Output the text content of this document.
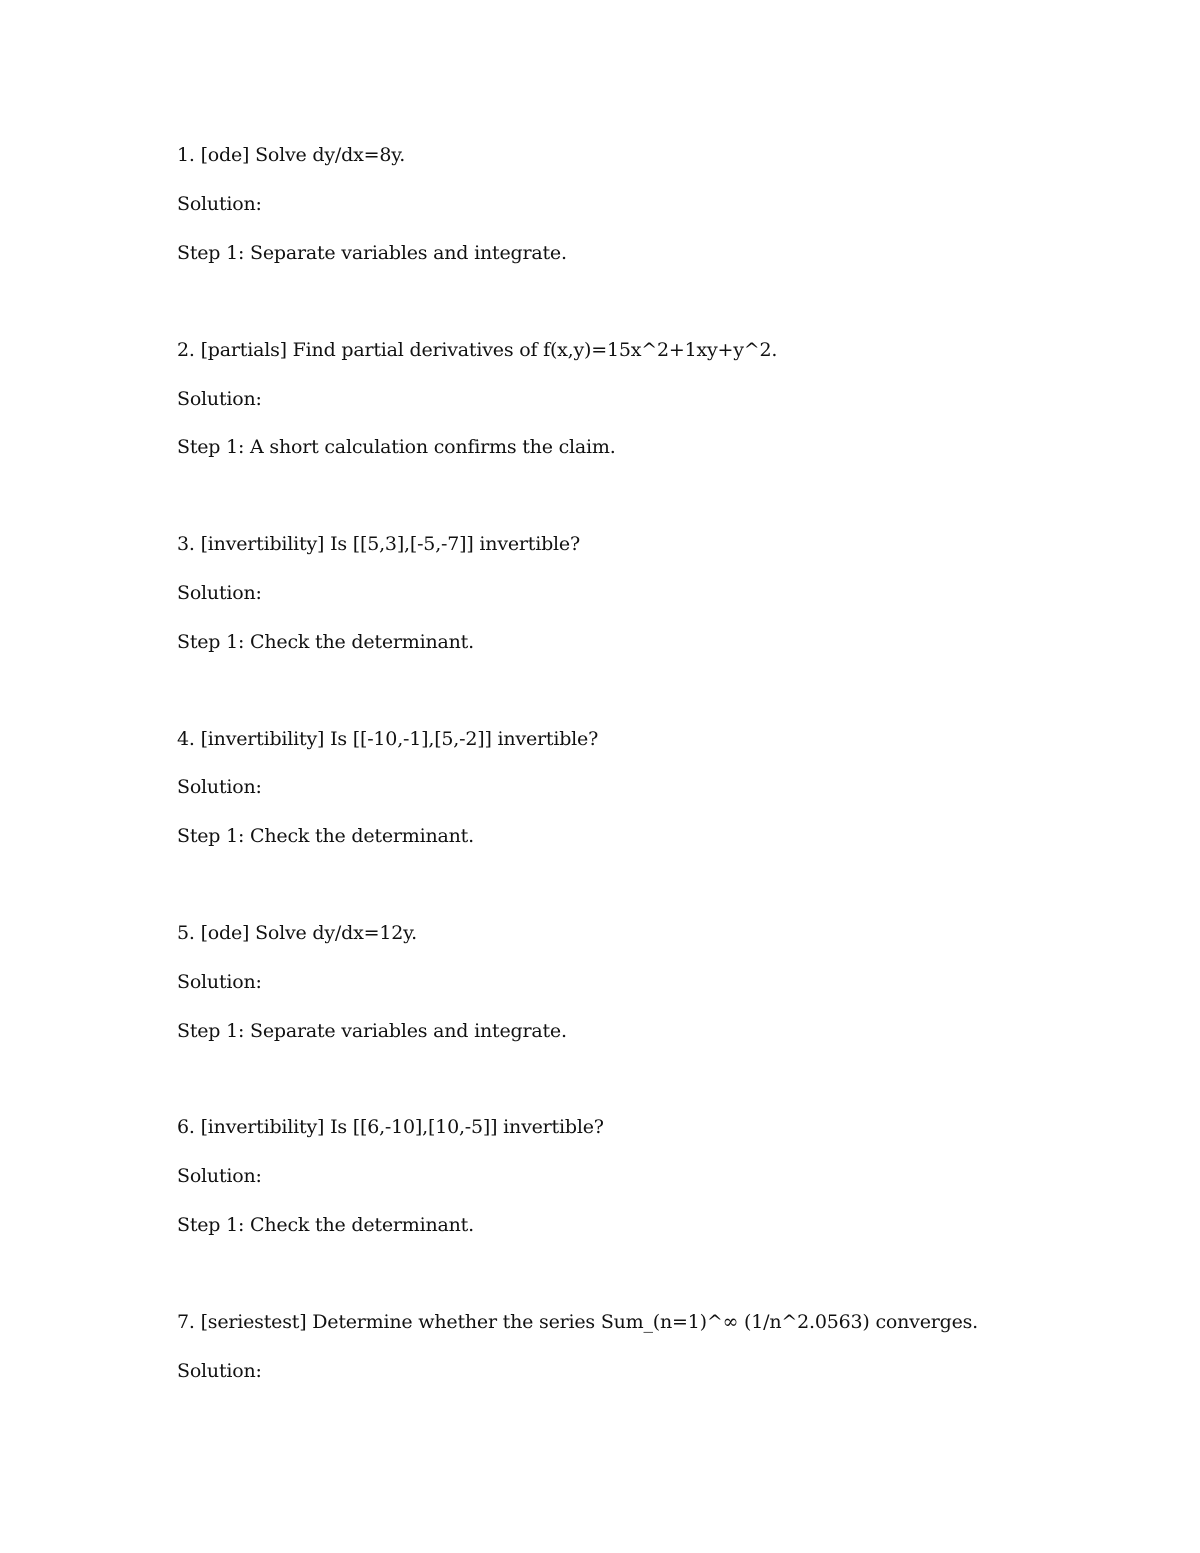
1. [ode] Solve dy/dx=8y.
Solution:
Step 1: Separate variables and integrate.
2. [partials] Find partial derivatives of f(x,y)=15x^2+1xy+y^2.
Solution:
Step 1: A short calculation confirms the claim.
3. [invertibility] Is [[5,3],[-5,-7]] invertible?
Solution:
Step 1: Check the determinant.
4. [invertibility] Is [[-10,-1],[5,-2]] invertible?
Solution:
Step 1: Check the determinant.
5. [ode] Solve dy/dx=12y.
Solution:
Step 1: Separate variables and integrate.
6. [invertibility] Is [[6,-10],[10,-5]] invertible?
Solution:
Step 1: Check the determinant.
7. [seriestest] Determine whether the series Sum_(n=1)^∞ (1/n^2.0563) converges.
Solution:
